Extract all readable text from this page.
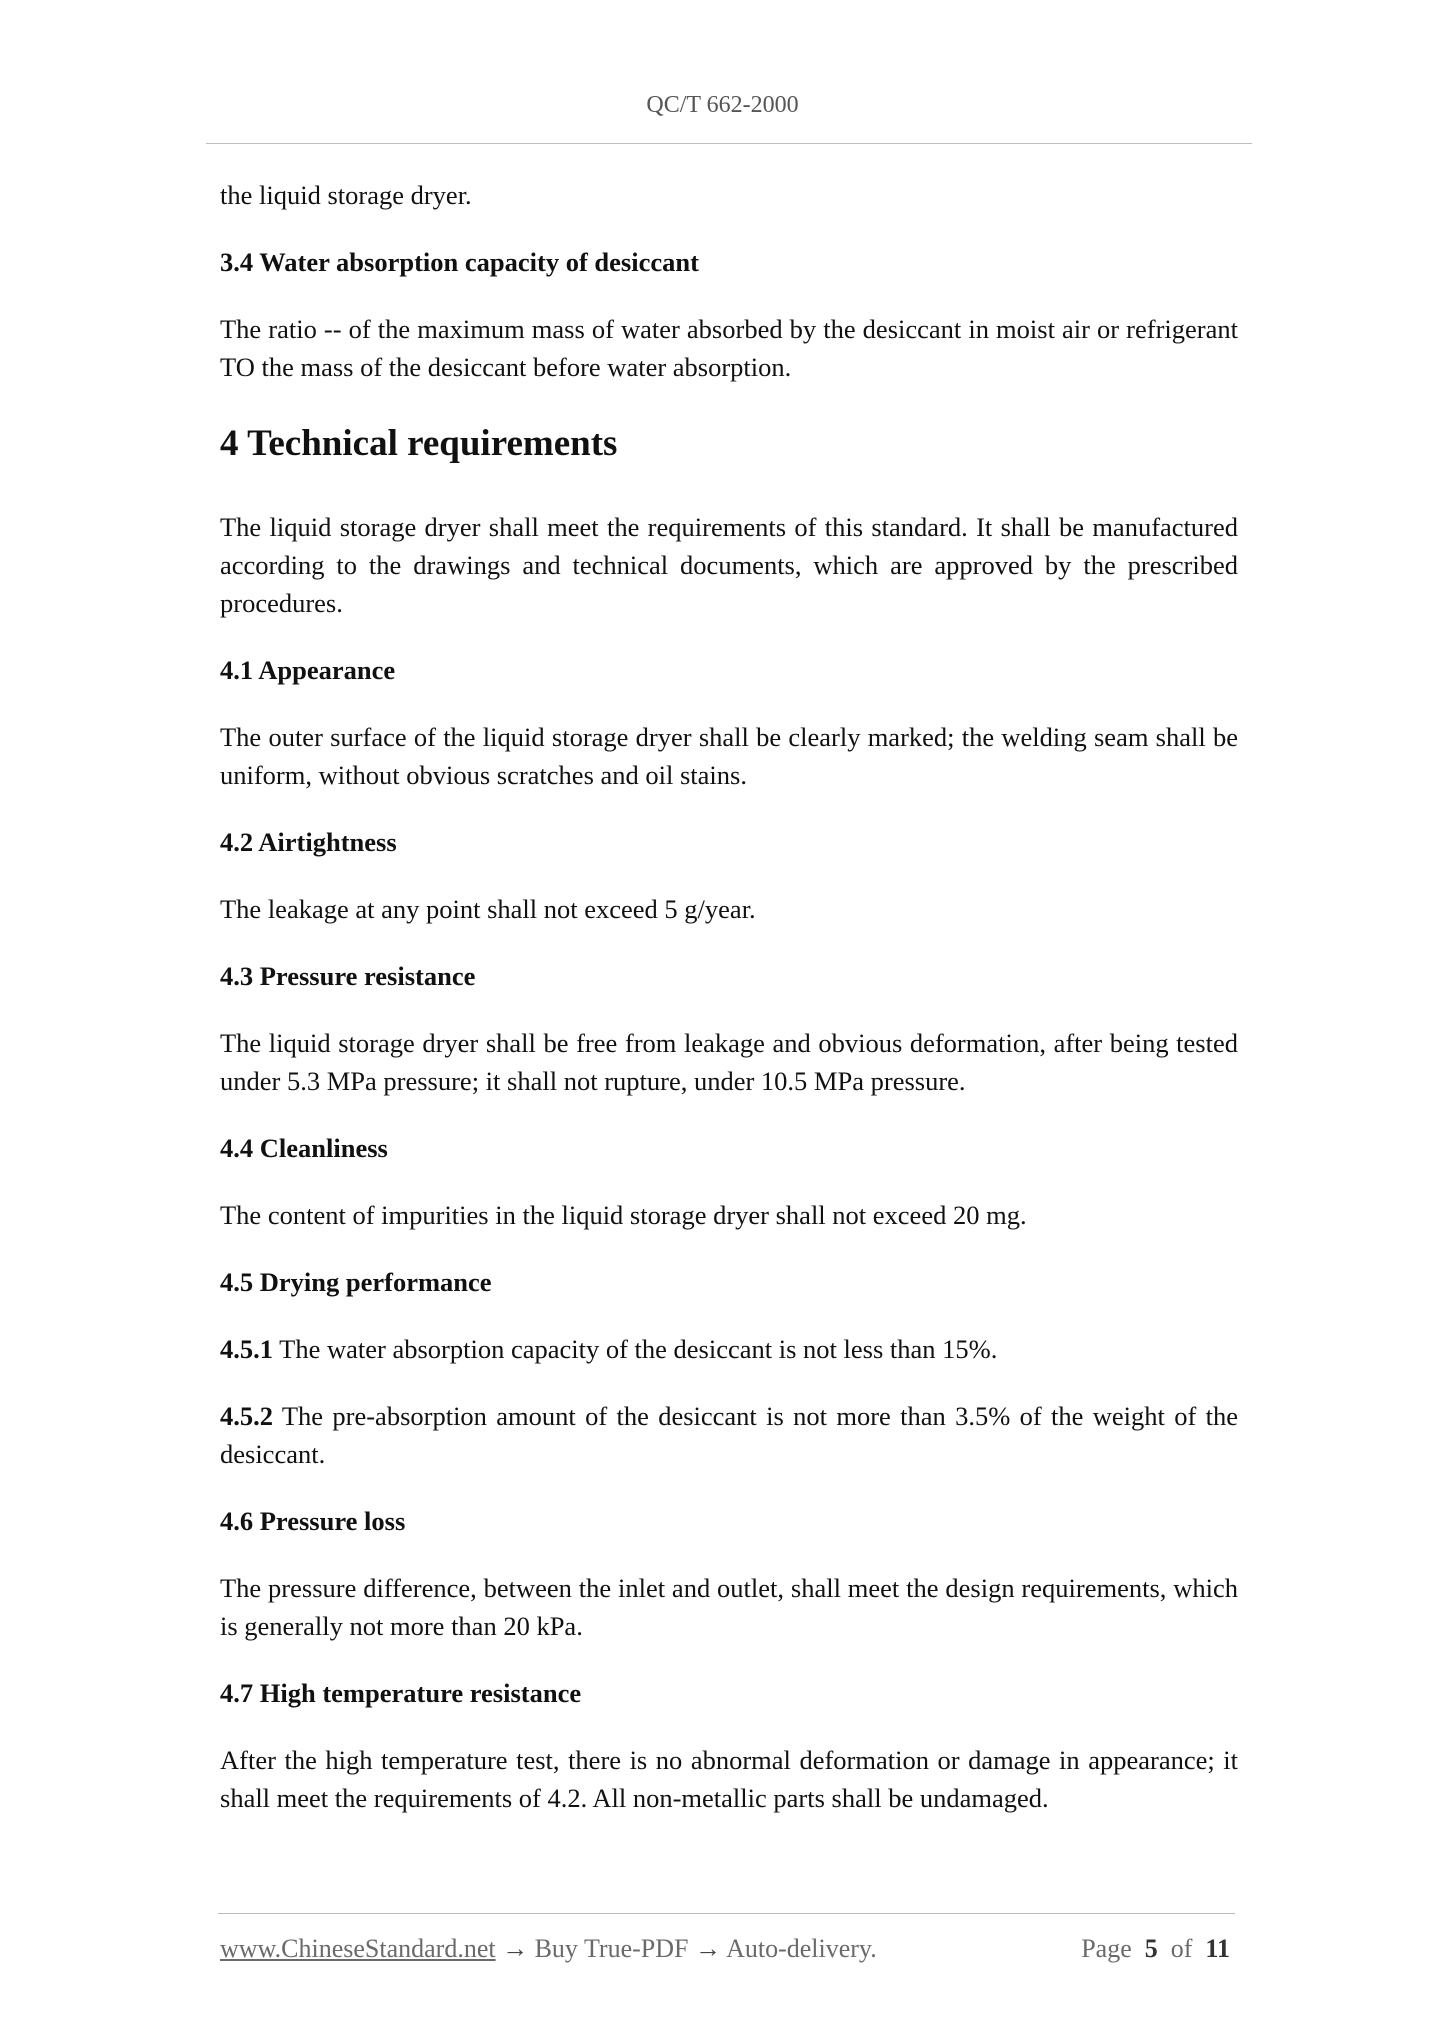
QC/T 662-2000

the liquid storage dryer.

3.4 Water absorption capacity of desiccant

The ratio -- of the maximum mass of water absorbed by the desiccant in moist air or refrigerant TO the mass of the desiccant before water absorption.

4 Technical requirements

The liquid storage dryer shall meet the requirements of this standard. It shall be manufactured according to the drawings and technical documents, which are approved by the prescribed procedures.

4.1 Appearance

The outer surface of the liquid storage dryer shall be clearly marked; the welding seam shall be uniform, without obvious scratches and oil stains.

4.2 Airtightness

The leakage at any point shall not exceed 5 g/year.

4.3 Pressure resistance

The liquid storage dryer shall be free from leakage and obvious deformation, after being tested under 5.3 MPa pressure; it shall not rupture, under 10.5 MPa pressure.

4.4 Cleanliness

The content of impurities in the liquid storage dryer shall not exceed 20 mg.

4.5 Drying performance

4.5.1 The water absorption capacity of the desiccant is not less than 15%.

4.5.2 The pre-absorption amount of the desiccant is not more than 3.5% of the weight of the desiccant.

4.6 Pressure loss

The pressure difference, between the inlet and outlet, shall meet the design requirements, which is generally not more than 20 kPa.

4.7 High temperature resistance

After the high temperature test, there is no abnormal deformation or damage in appearance; it shall meet the requirements of 4.2. All non-metallic parts shall be undamaged.

www.ChineseStandard.net → Buy True-PDF → Auto-delivery.	Page 5 of 11
